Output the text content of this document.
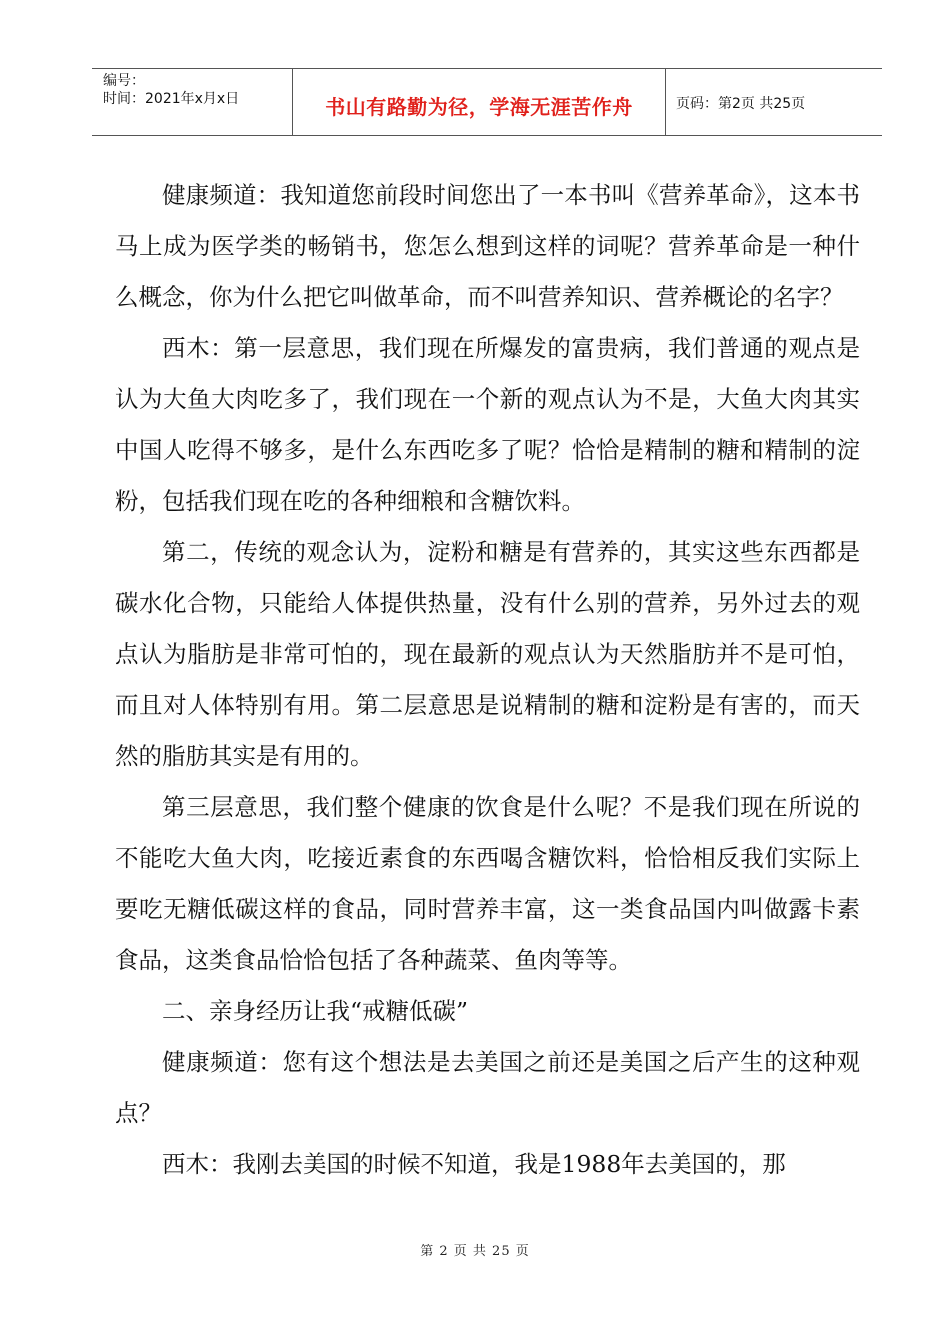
编号：
时间：2021年x月x日	书山有路勤为径，学海无涯苦作舟	页码：第2页 共25页

健康频道：我知道您前段时间您出了一本书叫《营养革命》，这本书马上成为医学类的畅销书，您怎么想到这样的词呢？营养革命是一种什么概念，你为什么把它叫做革命，而不叫营养知识、营养概论的名字？

西木：第一层意思，我们现在所爆发的富贵病，我们普通的观点是认为大鱼大肉吃多了，我们现在一个新的观点认为不是，大鱼大肉其实中国人吃得不够多，是什么东西吃多了呢？恰恰是精制的糖和精制的淀粉，包括我们现在吃的各种细粮和含糖饮料。

第二，传统的观念认为，淀粉和糖是有营养的，其实这些东西都是碳水化合物，只能给人体提供热量，没有什么别的营养，另外过去的观点认为脂肪是非常可怕的，现在最新的观点认为天然脂肪并不是可怕，而且对人体特别有用。第二层意思是说精制的糖和淀粉是有害的，而天然的脂肪其实是有用的。

第三层意思，我们整个健康的饮食是什么呢？不是我们现在所说的不能吃大鱼大肉，吃接近素食的东西喝含糖饮料，恰恰相反我们实际上要吃无糖低碳这样的食品，同时营养丰富，这一类食品国内叫做露卡素食品，这类食品恰恰包括了各种蔬菜、鱼肉等等。

二、亲身经历让我“戒糖低碳”

健康频道：您有这个想法是去美国之前还是美国之后产生的这种观点？

西木：我刚去美国的时候不知道，我是1988年去美国的，那

第 2 页 共 25 页
